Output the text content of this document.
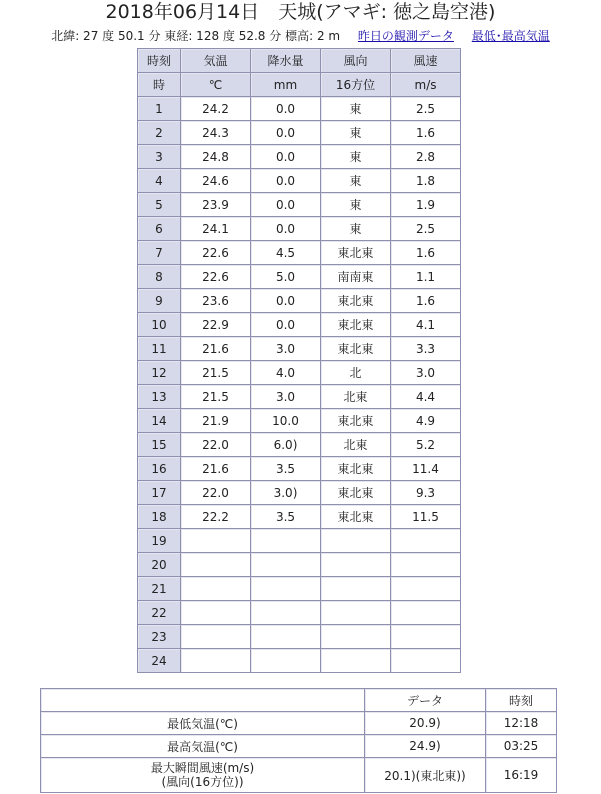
2018年06月14日　天城(アマギ: 徳之島空港)
北緯: 27 度 50.1 分 東経: 128 度 52.8 分 標高: 2 m 昨日の観測データ 最低･最高気温
時刻	気温	降水量	風向	風速
時	℃	mm	16方位	m/s
1	24.2	0.0	東	2.5
2	24.3	0.0	東	1.6
3	24.8	0.0	東	2.8
4	24.6	0.0	東	1.8
5	23.9	0.0	東	1.9
6	24.1	0.0	東	2.5
7	22.6	4.5	東北東	1.6
8	22.6	5.0	南南東	1.1
9	23.6	0.0	東北東	1.6
10	22.9	0.0	東北東	4.1
11	21.6	3.0	東北東	3.3
12	21.5	4.0	北	3.0
13	21.5	3.0	北東	4.4
14	21.9	10.0	東北東	4.9
15	22.0	6.0)	北東	5.2
16	21.6	3.5	東北東	11.4
17	22.0	3.0)	東北東	9.3
18	22.2	3.5	東北東	11.5
19				
20				
21				
22				
23				
24				
	データ	時刻
最低気温(℃)	20.9)	12:18
最高気温(℃)	24.9)	03:25
最大瞬間風速(m/s)
(風向(16方位))	20.1)(東北東))	16:19
